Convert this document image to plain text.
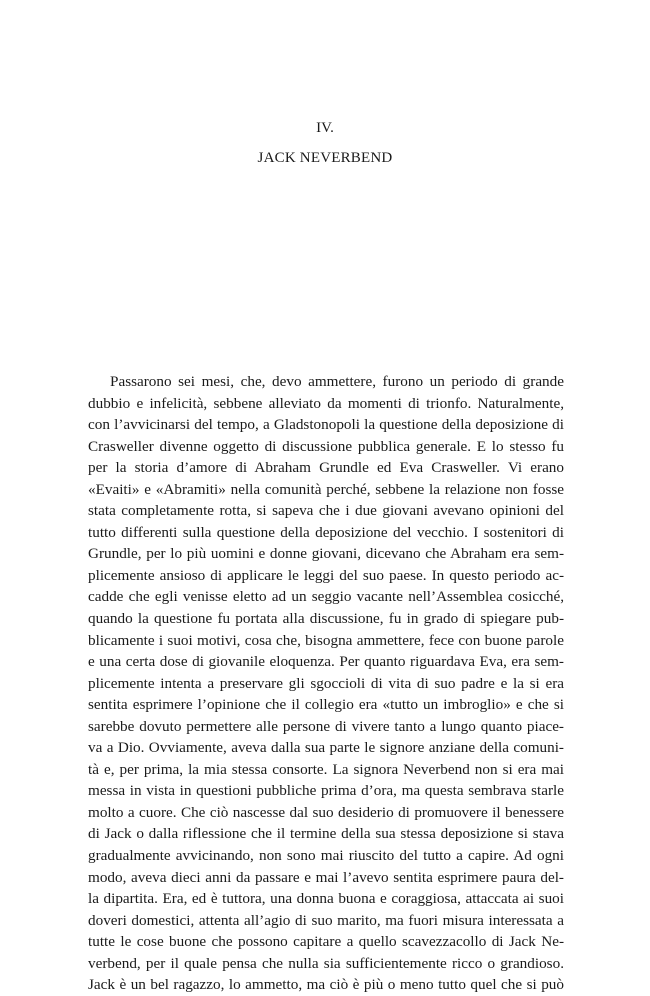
IV.
JACK NEVERBEND
Passarono sei mesi, che, devo ammettere, furono un periodo di grande
dubbio e infelicità, sebbene alleviato da momenti di trionfo. Naturalmente,
con l’avvicinarsi del tempo, a Gladstonopoli la questione della deposizione di
Crasweller divenne oggetto di discussione pubblica generale. E lo stesso fu
per la storia d’amore di Abraham Grundle ed Eva Crasweller. Vi erano
«Evaiti» e «Abramiti» nella comunità perché, sebbene la relazione non fosse
stata completamente rotta, si sapeva che i due giovani avevano opinioni del
tutto differenti sulla questione della deposizione del vecchio. I sostenitori di
Grundle, per lo più uomini e donne giovani, dicevano che Abraham era sem-
plicemente ansioso di applicare le leggi del suo paese. In questo periodo ac-
cadde che egli venisse eletto ad un seggio vacante nell’Assemblea cosicché,
quando la questione fu portata alla discussione, fu in grado di spiegare pub-
blicamente i suoi motivi, cosa che, bisogna ammettere, fece con buone parole
e una certa dose di giovanile eloquenza. Per quanto riguardava Eva, era sem-
plicemente intenta a preservare gli sgoccioli di vita di suo padre e la si era
sentita esprimere l’opinione che il collegio era «tutto un imbroglio» e che si
sarebbe dovuto permettere alle persone di vivere tanto a lungo quanto piace-
va a Dio. Ovviamente, aveva dalla sua parte le signore anziane della comuni-
tà e, per prima, la mia stessa consorte. La signora Neverbend non si era mai
messa in vista in questioni pubbliche prima d’ora, ma questa sembrava starle
molto a cuore. Che ciò nascesse dal suo desiderio di promuovere il benessere
di Jack o dalla riflessione che il termine della sua stessa deposizione si stava
gradualmente avvicinando, non sono mai riuscito del tutto a capire. Ad ogni
modo, aveva dieci anni da passare e mai l’avevo sentita esprimere paura del-
la dipartita. Era, ed è tuttora, una donna buona e coraggiosa, attaccata ai suoi
doveri domestici, attenta all’agio di suo marito, ma fuori misura interessata a
tutte le cose buone che possono capitare a quello scavezzacollo di Jack Ne-
verbend, per il quale pensa che nulla sia sufficientemente ricco o grandioso.
Jack è un bel ragazzo, lo ammetto, ma ciò è più o meno tutto quel che si può
